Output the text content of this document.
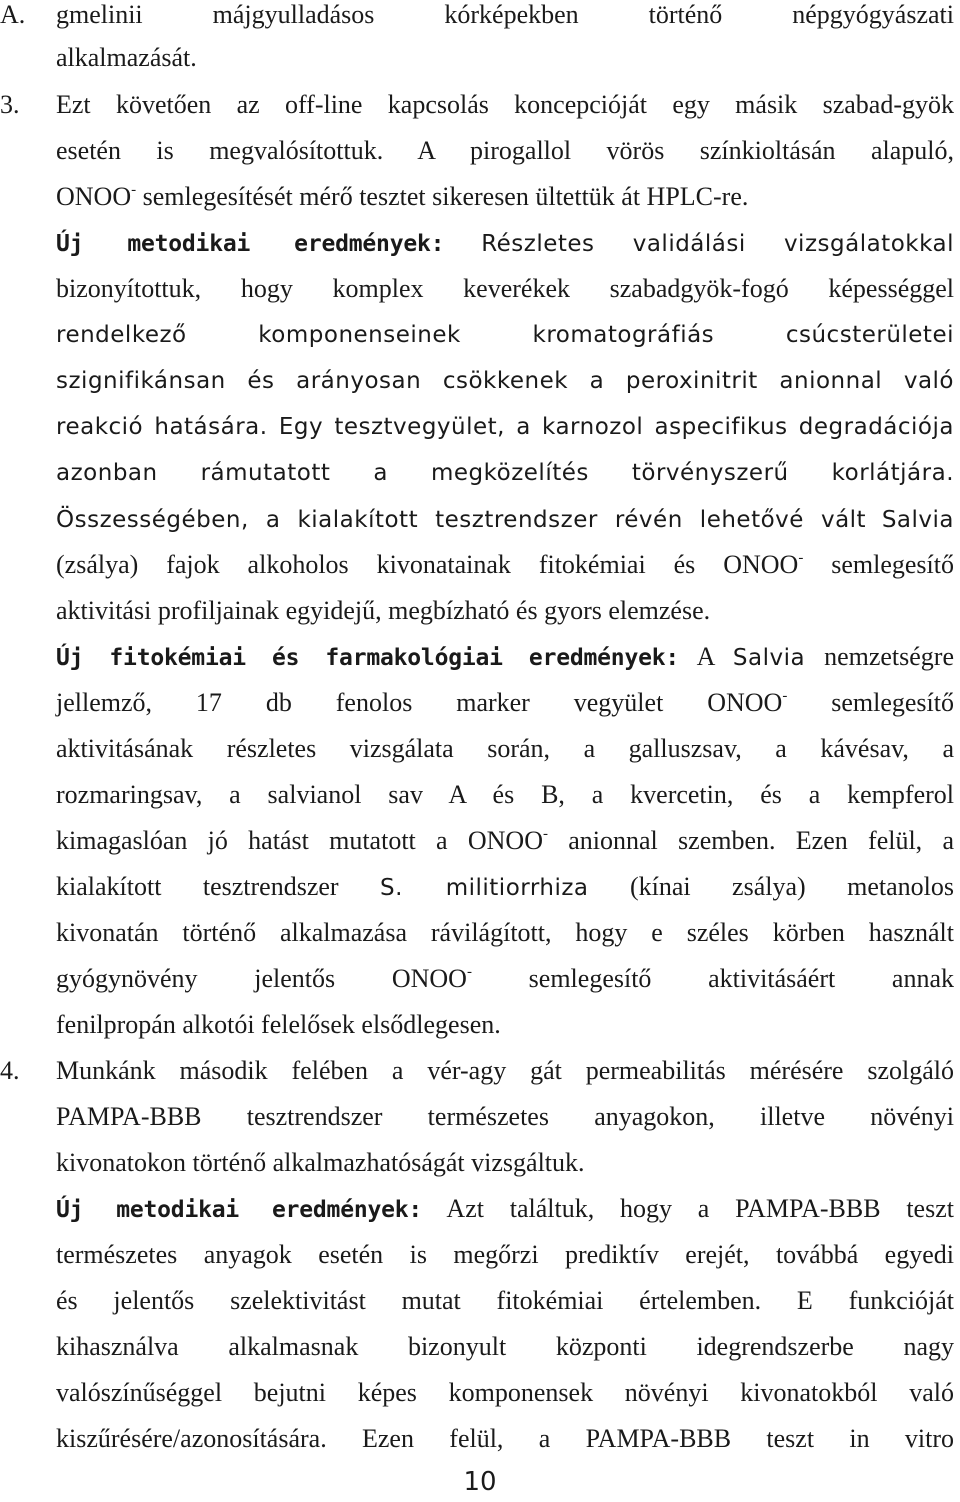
A. gmelinii májgyulladásos kórképekben történő népgyógyászati
alkalmazását.
3. Ezt követően az off-line kapcsolás koncepcióját egy másik szabad-gyök
esetén is megvalósítottuk. A pirogallol vörös színkioltásán alapuló,
ONOO- semlegesítését mérő tesztet sikeresen ültettük át HPLC-re.
Új metodikai eredmények: Részletes validálási vizsgálatokkal
bizonyítottuk, hogy komplex keverékek szabadgyök-fogó képességgel
rendelkező komponenseinek kromatográfiás csúcsterületei
szignifikánsan és arányosan csökkenek a peroxinitrit anionnal való
reakció hatására. Egy tesztvegyület, a karnozol aspecifikus degradációja
azonban rámutatott a megközelítés törvényszerű korlátjára.
Összességében, a kialakított tesztrendszer révén lehetővé vált Salvia
(zsálya) fajok alkoholos kivonatainak fitokémiai és ONOO- semlegesítő
aktivitási profiljainak egyidejű, megbízható és gyors elemzése.
Új fitokémiai és farmakológiai eredmények: A Salvia nemzetségre
jellemző, 17 db fenolos marker vegyület ONOO- semlegesítő
aktivitásának részletes vizsgálata során, a galluszsav, a kávésav, a
rozmaringsav, a salvianol sav A és B, a kvercetin, és a kempferol
kimagaslóan jó hatást mutatott a ONOO- anionnal szemben. Ezen felül, a
kialakított tesztrendszer S. militiorrhiza (kínai zsálya) metanolos
kivonatán történő alkalmazása rávilágított, hogy e széles körben használt
gyógynövény jelentős ONOO- semlegesítő aktivitásáért annak
fenilpropán alkotói felelősek elsődlegesen.
4. Munkánk második felében a vér-agy gát permeabilitás mérésére szolgáló
PAMPA-BBB tesztrendszer természetes anyagokon, illetve növényi
kivonatokon történő alkalmazhatóságát vizsgáltuk.
Új metodikai eredmények: Azt találtuk, hogy a PAMPA-BBB teszt
természetes anyagok esetén is megőrzi prediktív erejét, továbbá egyedi
és jelentős szelektivitást mutat fitokémiai értelemben. E funkcióját
kihasználva alkalmasnak bizonyult központi idegrendszerbe nagy
valószínűséggel bejutni képes komponensek növényi kivonatokból való
kiszűrésére/azonosítására. Ezen felül, a PAMPA-BBB teszt in vitro
10
